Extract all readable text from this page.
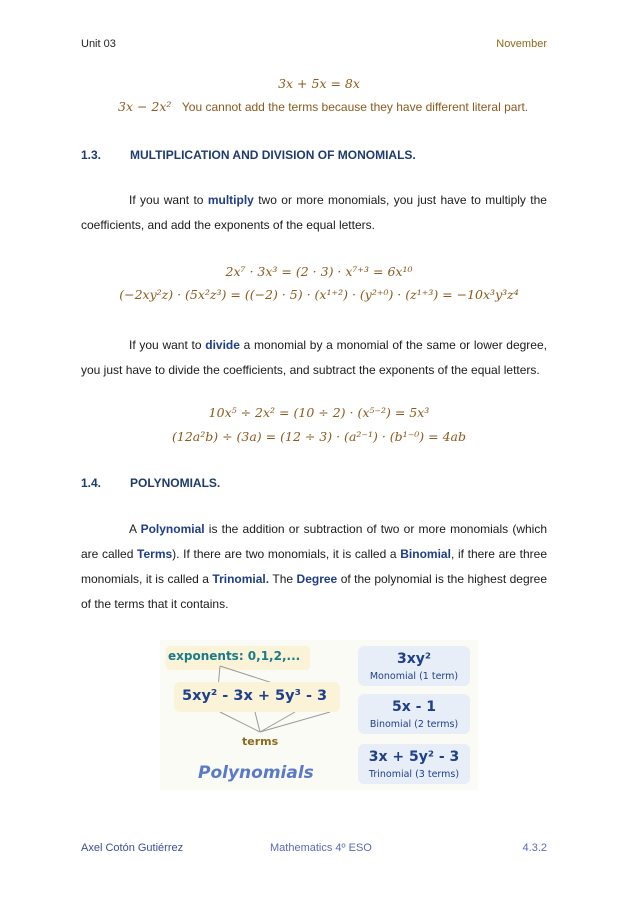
Unit 03	November
3x + 5x = 8x
3x − 2x² You cannot add the terms because they have different literal part.
1.3. MULTIPLICATION AND DIVISION OF MONOMIALS.
If you want to multiply two or more monomials, you just have to multiply the coefficients, and add the exponents of the equal letters.
2x⁷ · 3x³ = (2 · 3) · x⁷⁺³ = 6x¹⁰
(−2xy²z) · (5x²z³) = ((−2) · 5) · (x¹⁺²) · (y²⁺⁰) · (z¹⁺³) = −10x³y³z⁴
If you want to divide a monomial by a monomial of the same or lower degree, you just have to divide the coefficients, and subtract the exponents of the equal letters.
10x⁵ ÷ 2x² = (10 ÷ 2) · (x⁵⁻²) = 5x³
(12a²b) ÷ (3a) = (12 ÷ 3) · (a²⁻¹) · (b¹⁻⁰) = 4ab
1.4. POLYNOMIALS.
A Polynomial is the addition or subtraction of two or more monomials (which are called Terms). If there are two monomials, it is called a Binomial, if there are three monomials, it is called a Trinomial. The Degree of the polynomial is the highest degree of the terms that it contains.
exponents: 0,1,2,...
5xy² - 3x + 5y³ - 3
terms
Polynomials
3xy²
Monomial (1 term)
5x - 1
Binomial (2 terms)
3x + 5y² - 3
Trinomial (3 terms)
Axel Cotón Gutiérrez	Mathematics 4º ESO	4.3.2
